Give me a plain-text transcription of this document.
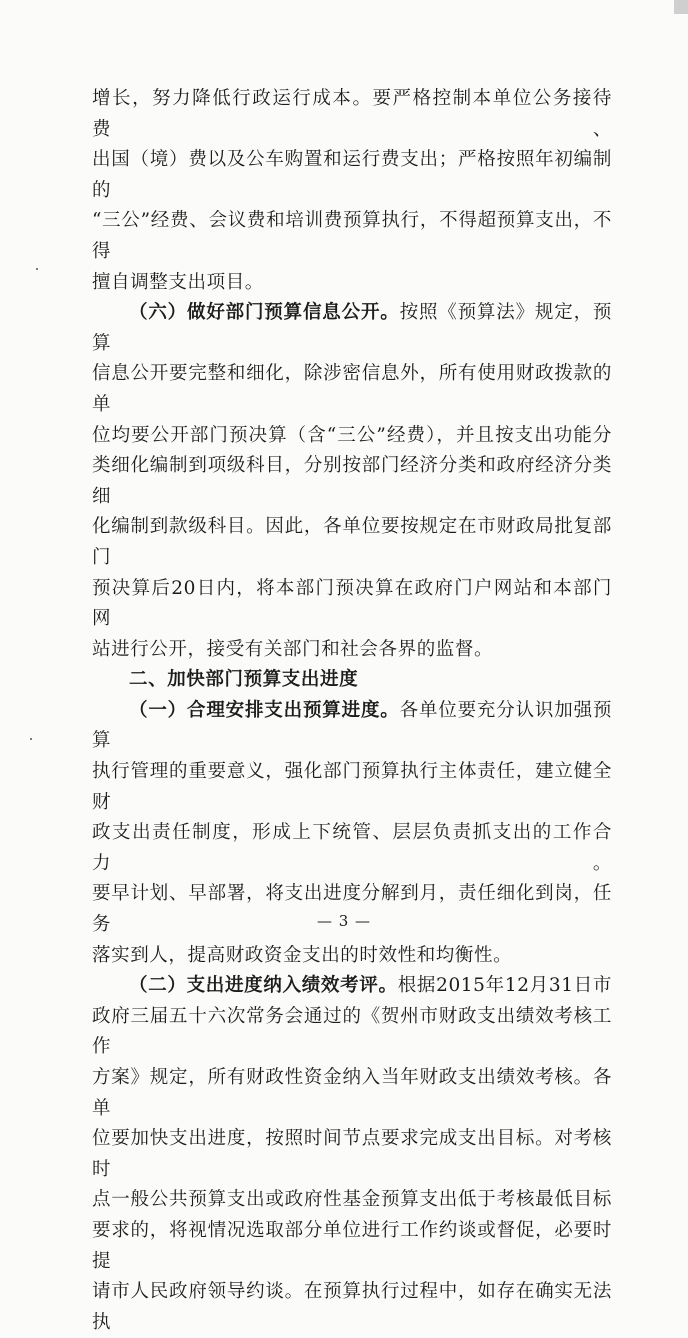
增长，努力降低行政运行成本。要严格控制本单位公务接待费、

出国（境）费以及公车购置和运行费支出；严格按照年初编制的

“三公”经费、会议费和培训费预算执行，不得超预算支出，不得

擅自调整支出项目。

（六）做好部门预算信息公开。按照《预算法》规定，预算

信息公开要完整和细化，除涉密信息外，所有使用财政拨款的单

位均要公开部门预决算（含“三公”经费），并且按支出功能分

类细化编制到项级科目，分别按部门经济分类和政府经济分类细

化编制到款级科目。因此，各单位要按规定在市财政局批复部门

预决算后20日内，将本部门预决算在政府门户网站和本部门网

站进行公开，接受有关部门和社会各界的监督。

二、加快部门预算支出进度

（一）合理安排支出预算进度。各单位要充分认识加强预算

执行管理的重要意义，强化部门预算执行主体责任，建立健全财

政支出责任制度，形成上下统管、层层负责抓支出的工作合力。

要早计划、早部署，将支出进度分解到月，责任细化到岗，任务

落实到人，提高财政资金支出的时效性和均衡性。

（二）支出进度纳入绩效考评。根据2015年12月31日市

政府三届五十六次常务会通过的《贺州市财政支出绩效考核工作

方案》规定，所有财政性资金纳入当年财政支出绩效考核。各单

位要加快支出进度，按照时间节点要求完成支出目标。对考核时

点一般公共预算支出或政府性基金预算支出低于考核最低目标

要求的，将视情况选取部分单位进行工作约谈或督促，必要时提

请市人民政府领导约谈。在预算执行过程中，如存在确实无法执

— 3 —
